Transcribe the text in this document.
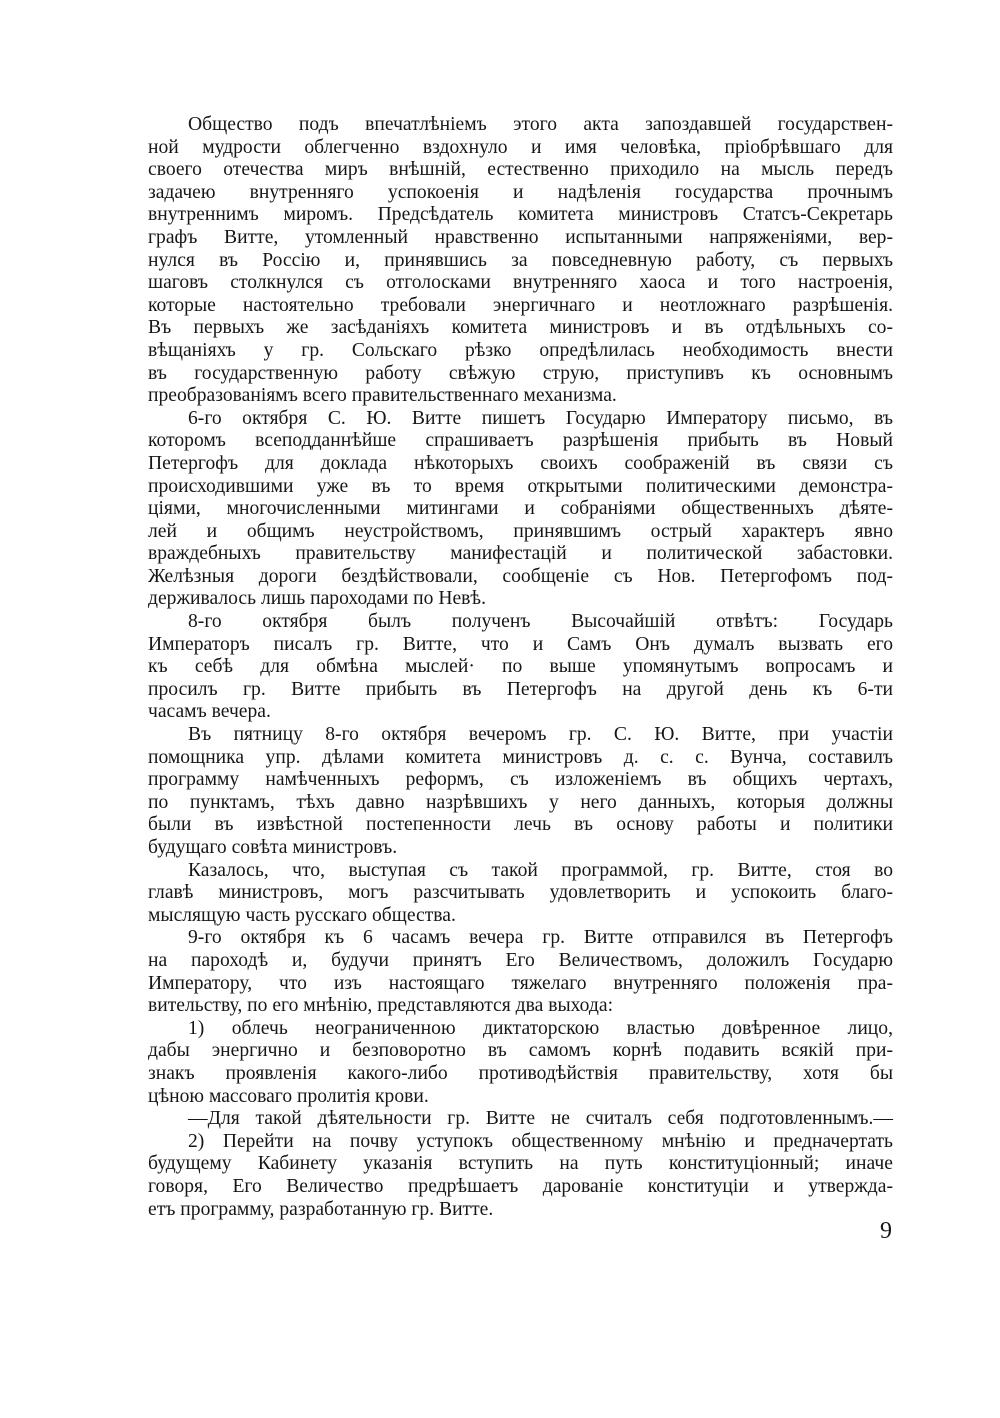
Общество подъ впечатлѣніемъ этого акта запоздавшей государствен-
ной мудрости облегченно вздохнуло и имя человѣка, пріобрѣвшаго для
своего отечества миръ внѣшній, естественно приходило на мысль передъ
задачею внутренняго успокоенія и надѣленія государства прочнымъ
внутреннимъ миромъ. Предсѣдатель комитета министровъ Статсъ-Секретарь
графъ Витте, утомленный нравственно испытанными напряженіями, вер-
нулся въ Россію и, принявшись за повседневную работу, съ первыхъ
шаговъ столкнулся съ отголосками внутренняго хаоса и того настроенія,
которые настоятельно требовали энергичнаго и неотложнаго разрѣшенія.
Въ первыхъ же засѣданіяхъ комитета министровъ и въ отдѣльныхъ со-
вѣщаніяхъ у гр. Сольскаго рѣзко опредѣлилась необходимость внести
въ государственную работу свѣжую струю, приступивъ къ основнымъ
преобразованіямъ всего правительственнаго механизма.
6-го октября С. Ю. Витте пишетъ Государю Императору письмо, въ
которомъ всеподданнѣйше спрашиваетъ разрѣшенія прибыть въ Новый
Петергофъ для доклада нѣкоторыхъ своихъ соображеній въ связи съ
происходившими уже въ то время открытыми политическими демонстра-
ціями, многочисленными митингами и собраніями общественныхъ дѣяте-
лей и общимъ неустройствомъ, принявшимъ острый характеръ явно
враждебныхъ правительству манифестацій и политической забастовки.
Желѣзныя дороги бездѣйствовали, сообщеніе съ Нов. Петергофомъ под-
держивалось лишь пароходами по Невѣ.
8-го октября былъ полученъ Высочайшій отвѣтъ: Государь
Императоръ писалъ гр. Витте, что и Самъ Онъ думалъ вызвать его
къ себѣ для обмѣна мыслей· по выше упомянутымъ вопросамъ и
просилъ гр. Витте прибыть въ Петергофъ на другой день къ 6-ти
часамъ вечера.
Въ пятницу 8-го октября вечеромъ гр. С. Ю. Витте, при участіи
помощника упр. дѣлами комитета министровъ д. с. с. Вунча, составилъ
программу намѣченныхъ реформъ, съ изложеніемъ въ общихъ чертахъ,
по пунктамъ, тѣхъ давно назрѣвшихъ у него данныхъ, которыя должны
были въ извѣстной постепенности лечь въ основу работы и политики
будущаго совѣта министровъ.
Казалось, что, выступая съ такой программой, гр. Витте, стоя во
главѣ министровъ, могъ разсчитывать удовлетворить и успокоить благо-
мыслящую часть русскаго общества.
9-го октября къ 6 часамъ вечера гр. Витте отправился въ Петергофъ
на пароходѣ и, будучи принятъ Его Величествомъ, доложилъ Государю
Императору, что изъ настоящаго тяжелаго внутренняго положенія пра-
вительству, по его мнѣнію, представляются два выхода:
1) облечь неограниченною диктаторскою властью довѣренное лицо,
дабы энергично и безповоротно въ самомъ корнѣ подавить всякій при-
знакъ проявленія какого-либо противодѣйствія правительству, хотя бы
цѣною массоваго пролитія крови.
—Для такой дѣятельности гр. Витте не считалъ себя подготовленнымъ.—
2) Перейти на почву уступокъ общественному мнѣнію и предначертать
будущему Кабинету указанія вступить на путь конституціонный; иначе
говоря, Его Величество предрѣшаетъ дарованіе конституціи и утвержда-
етъ программу, разработанную гр. Витте.
9
